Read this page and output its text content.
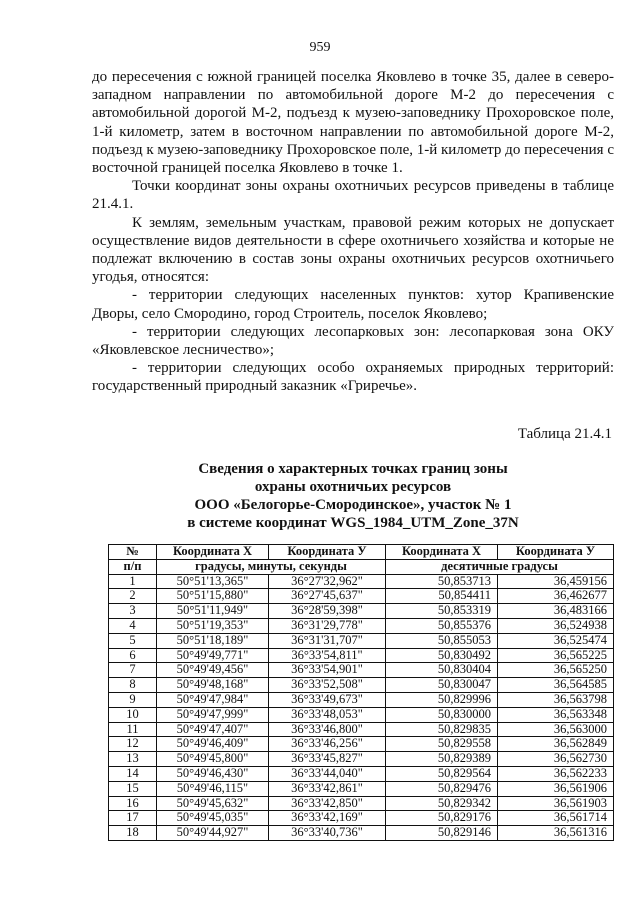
959

до пересечения с южной границей поселка Яковлево в точке 35, далее в северо-западном направлении по автомобильной дороге М-2 до пересечения с автомобильной дорогой М-2, подъезд к музею-заповеднику Прохоровское поле, 1-й километр, затем в восточном направлении по автомобильной дороге М-2, подъезд к музею-заповеднику Прохоровское поле, 1-й километр до пересечения с восточной границей поселка Яковлево в точке 1.

Точки координат зоны охраны охотничьих ресурсов приведены в таблице 21.4.1.

К землям, земельным участкам, правовой режим которых не допускает осуществление видов деятельности в сфере охотничьего хозяйства и которые не подлежат включению в состав зоны охраны охотничьих ресурсов охотничьего угодья, относятся:

- территории следующих населенных пунктов: хутор Крапивенские Дворы, село Смородино, город Строитель, поселок Яковлево;

- территории следующих лесопарковых зон: лесопарковая зона ОКУ «Яковлевское лесничество»;

- территории следующих особо охраняемых природных территорий: государственный природный заказник «Гриречье».

Таблица 21.4.1
Сведения о характерных точках границ зоны
охраны охотничьих ресурсов
ООО «Белогорье-Смородинское», участок № 1
в системе координат WGS_1984_UTM_Zone_37N
№	Координата Х	Координата У	Координата Х	Координата У
п/п	градусы, минуты, секунды		десятичные градусы	
1	50°51'13,365"	36°27'32,962"	50,853713	36,459156
2	50°51'15,880"	36°27'45,637"	50,854411	36,462677
3	50°51'11,949"	36°28'59,398"	50,853319	36,483166
4	50°51'19,353"	36°31'29,778"	50,855376	36,524938
5	50°51'18,189"	36°31'31,707"	50,855053	36,525474
6	50°49'49,771"	36°33'54,811"	50,830492	36,565225
7	50°49'49,456"	36°33'54,901"	50,830404	36,565250
8	50°49'48,168"	36°33'52,508"	50,830047	36,564585
9	50°49'47,984"	36°33'49,673"	50,829996	36,563798
10	50°49'47,999"	36°33'48,053"	50,830000	36,563348
11	50°49'47,407"	36°33'46,800"	50,829835	36,563000
12	50°49'46,409"	36°33'46,256"	50,829558	36,562849
13	50°49'45,800"	36°33'45,827"	50,829389	36,562730
14	50°49'46,430"	36°33'44,040"	50,829564	36,562233
15	50°49'46,115"	36°33'42,861"	50,829476	36,561906
16	50°49'45,632"	36°33'42,850"	50,829342	36,561903
17	50°49'45,035"	36°33'42,169"	50,829176	36,561714
18	50°49'44,927"	36°33'40,736"	50,829146	36,561316
